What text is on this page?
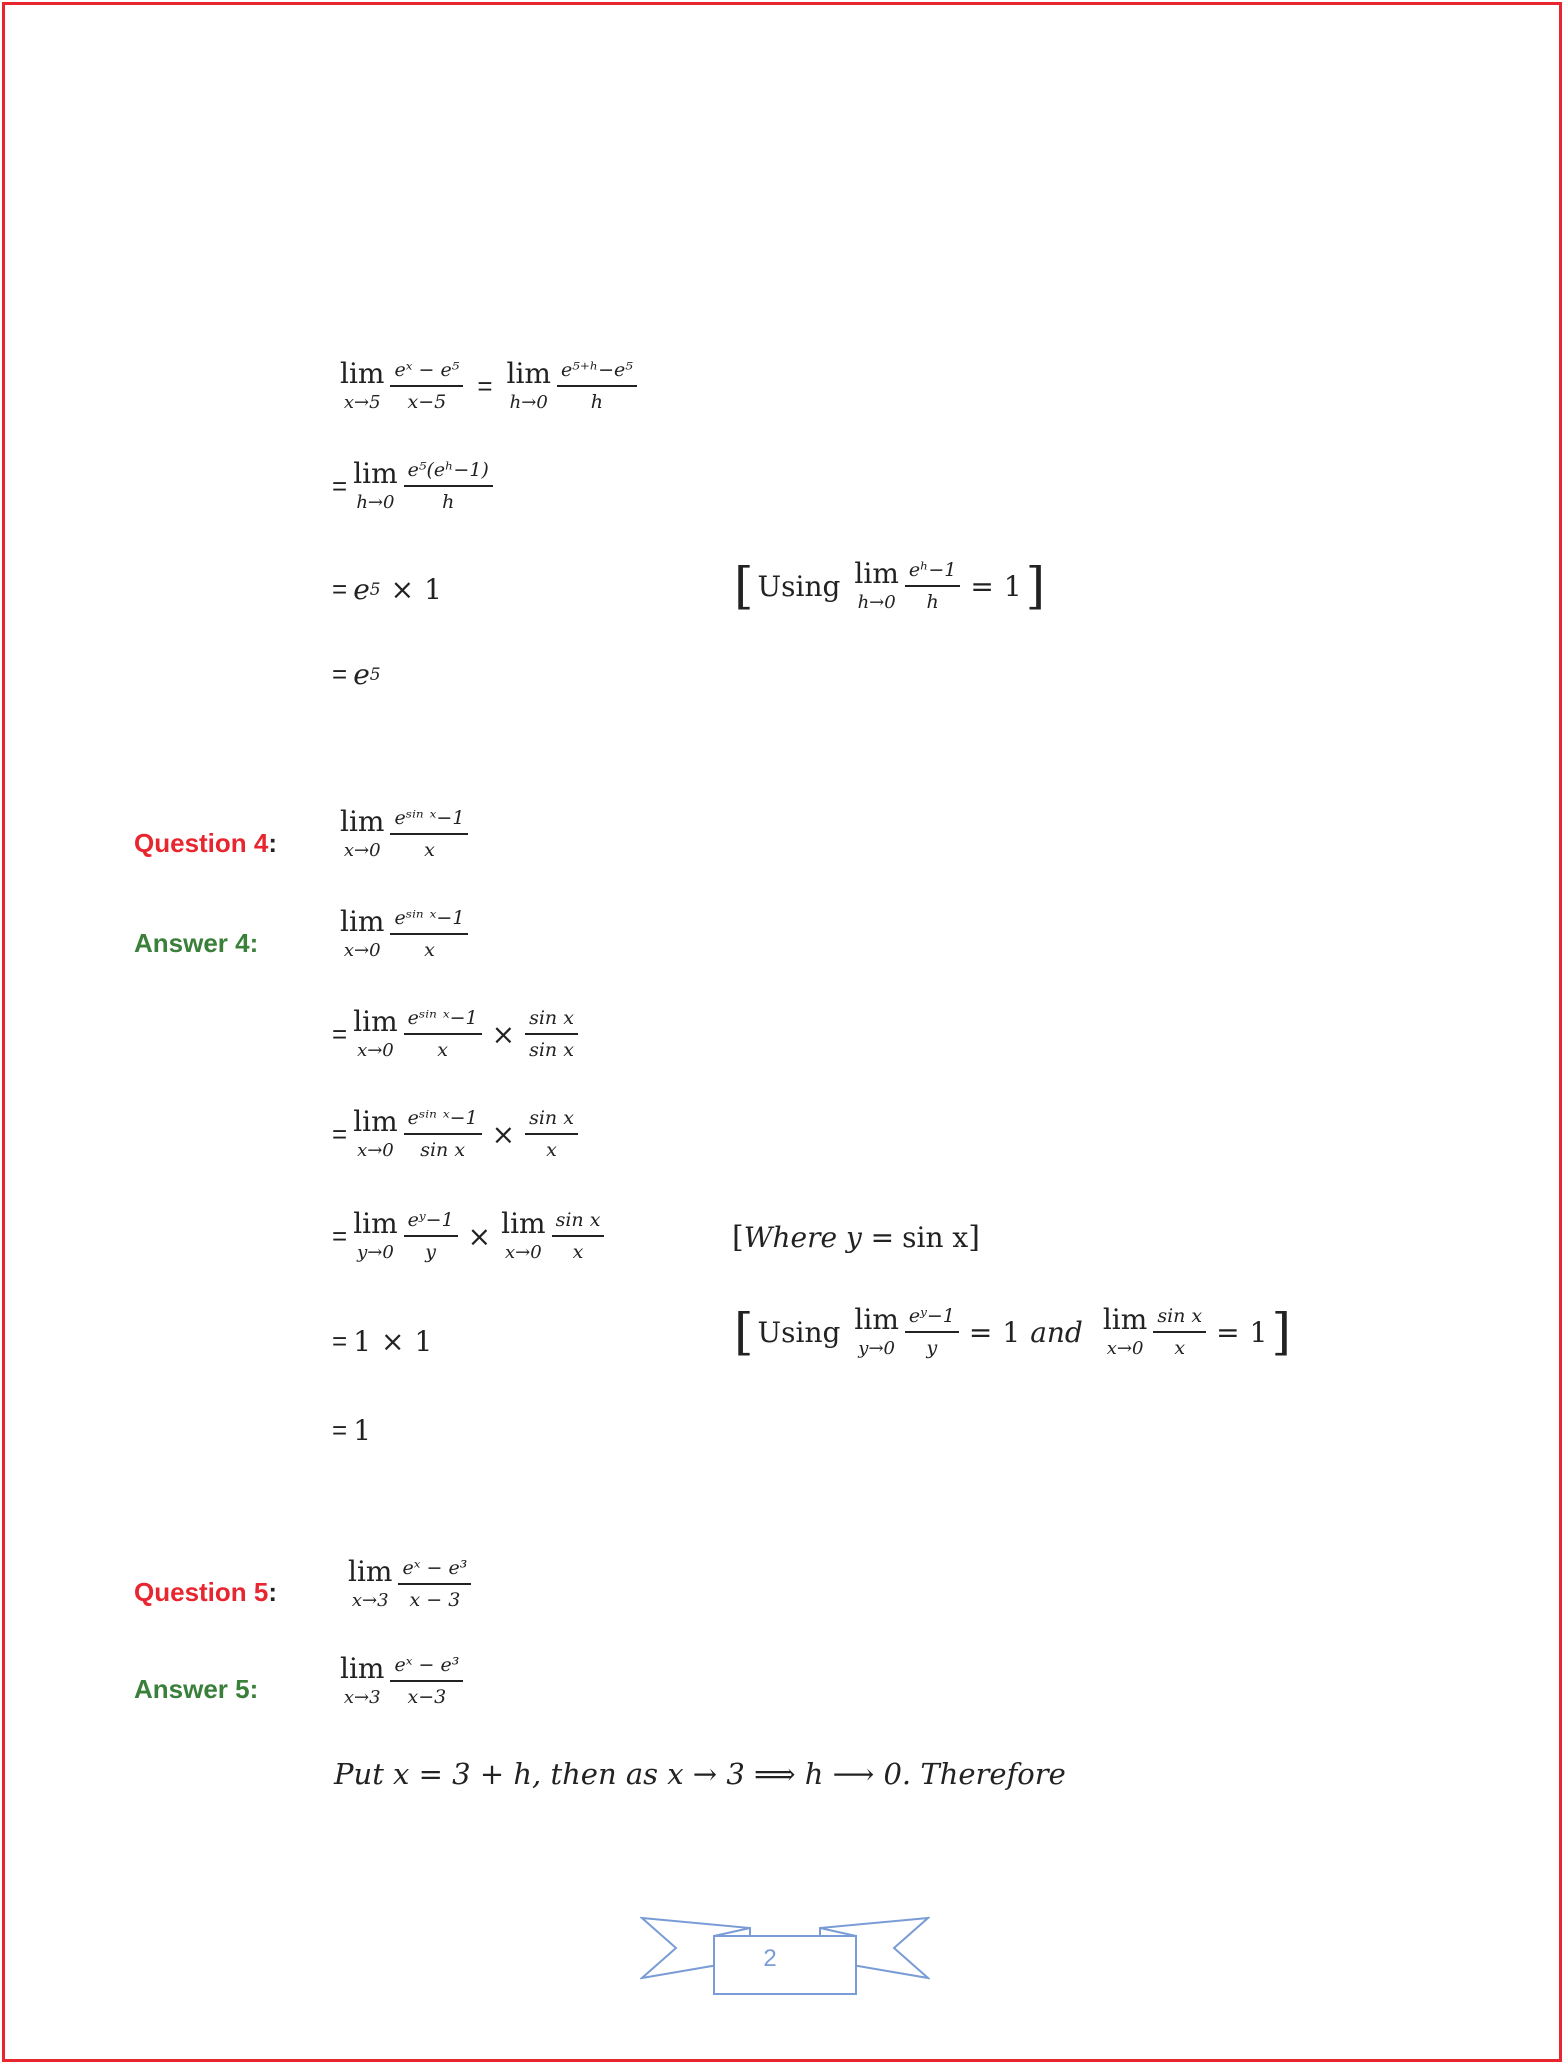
lim
$x\to 5 \frac{\text{eˣ − e⁵}}{x-5} = \lim$
$h\to 0 \frac{\text{e⁵⁺ʰ−e⁵}}{h}$
= lim
$h\to 0 \frac{\text{e⁵(eʰ−1)}}{h}$
= e 5 × 1	[ Using lim
$h\to 0 \frac{\text{eʰ−1}}{h} = 1$ ]
= e 5
Question 4:
lim
$x\to 0 \frac{\text{eˢⁱⁿ ˣ−1}}{x}$
Answer 4:
lim
$x\to 0 \frac{\text{eˢⁱⁿ ˣ−1}}{x}$
= lim
$x\to 0 \frac{\text{eˢⁱⁿ ˣ−1}}{x} \times \frac{\text{sin x}}{\text{sin x}}$
= lim
$x\to 0 \frac{\text{eˢⁱⁿ ˣ−1}}{\text{sin x}} \times \frac{\text{sin x}}{x}$
= lim
$y\to 0 \frac{\text{eʸ−1}}{y} \times \lim$
$x\to 0 \frac{\text{sin x}}{x}$	[ Where y = sin x ]
= 1 × 1	[ Using lim
$y\to 0 \frac{\text{eʸ−1}}{y} = 1$ and lim
$x\to 0 \frac{\text{sin x}}{x} = 1$ ]
= 1
Question 5:
lim
$x\to 3 \frac{\text{eˣ − e³}}{x - 3}$
Answer 5:
lim
$x\to 3 \frac{\text{eˣ − e³}}{x-3}$
Put x = 3 + h, then as x → 3 ⟹ h ⟶ 0. Therefore
2
